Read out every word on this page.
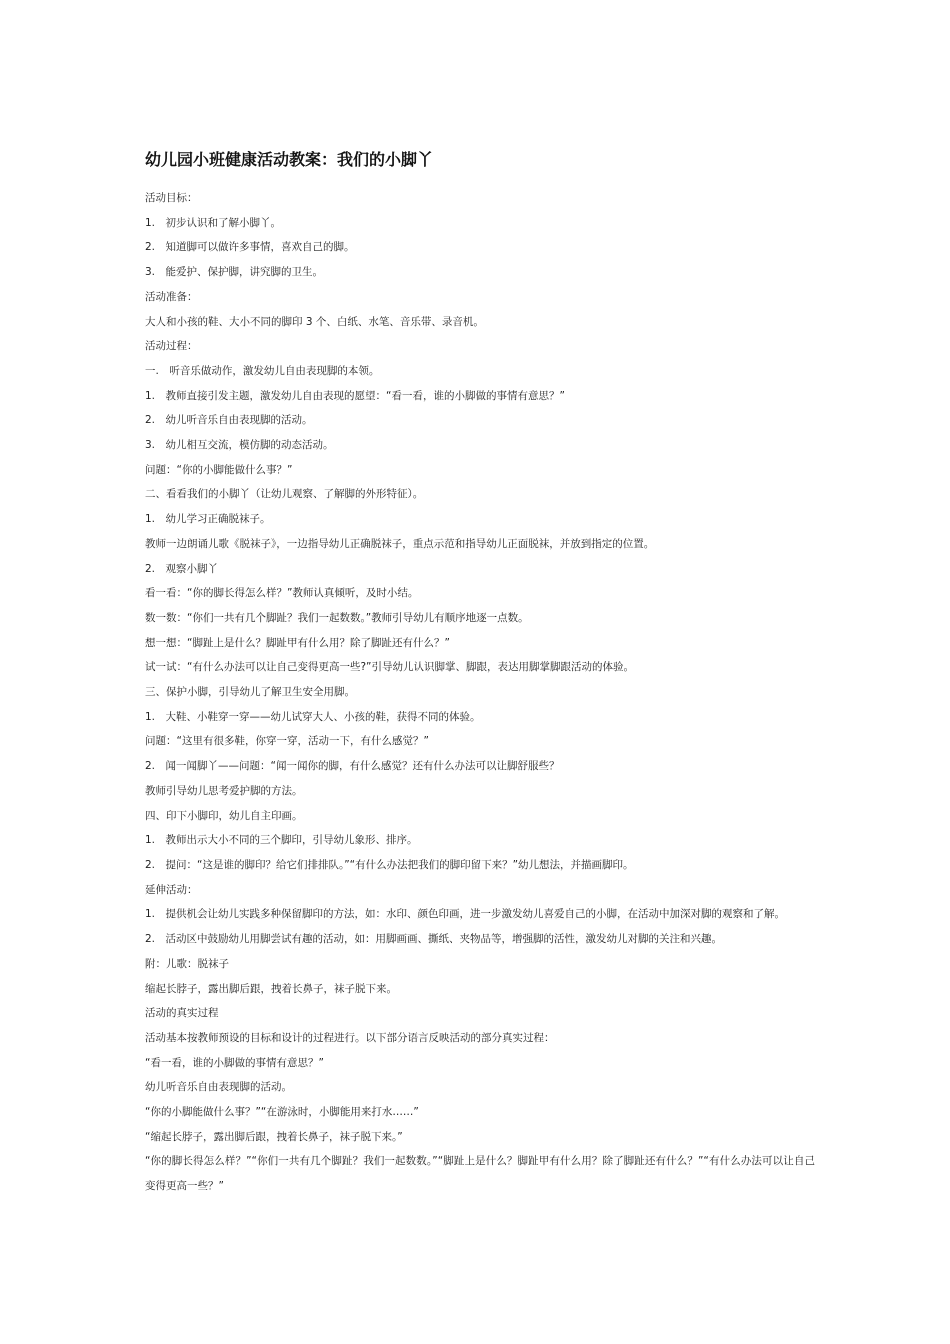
幼儿园小班健康活动教案：我们的小脚丫

活动目标：

1.　初步认识和了解小脚丫。

2.　知道脚可以做许多事情，喜欢自己的脚。

3.　能爱护、保护脚，讲究脚的卫生。

活动准备：

大人和小孩的鞋、大小不同的脚印 3 个、白纸、水笔、音乐带、录音机。

活动过程：

一.　听音乐做动作，激发幼儿自由表现脚的本领。

1.　教师直接引发主题，激发幼儿自由表现的愿望：“看一看，谁的小脚做的事情有意思？”

2.　幼儿听音乐自由表现脚的活动。

3.　幼儿相互交流，模仿脚的动态活动。

问题：“你的小脚能做什么事？”

二、看看我们的小脚丫（让幼儿观察、了解脚的外形特征）。

1.　幼儿学习正确脱袜子。

教师一边朗诵儿歌《脱袜子》，一边指导幼儿正确脱袜子，重点示范和指导幼儿正面脱袜，并放到指定的位置。

2.　观察小脚丫

看一看：“你的脚长得怎么样？”教师认真倾听，及时小结。

数一数：“你们一共有几个脚趾？我们一起数数。”教师引导幼儿有顺序地逐一点数。

想一想：“脚趾上是什么？脚趾甲有什么用？除了脚趾还有什么？”

试一试：“有什么办法可以让自己变得更高一些?”引导幼儿认识脚掌、脚跟，表达用脚掌脚跟活动的体验。

三、保护小脚，引导幼儿了解卫生安全用脚。

1.　大鞋、小鞋穿一穿——幼儿试穿大人、小孩的鞋，获得不同的体验。

问题：“这里有很多鞋，你穿一穿，活动一下，有什么感觉？”

2.　闻一闻脚丫——问题：“闻一闻你的脚，有什么感觉？还有什么办法可以让脚舒服些？

教师引导幼儿思考爱护脚的方法。

四、印下小脚印，幼儿自主印画。

1.　教师出示大小不同的三个脚印，引导幼儿象形、排序。

2.　提问：“这是谁的脚印？给它们排排队。”“有什么办法把我们的脚印留下来？”幼儿想法，并描画脚印。

延伸活动：

1.　提供机会让幼儿实践多种保留脚印的方法，如：水印、颜色印画，进一步激发幼儿喜爱自己的小脚，在活动中加深对脚的观察和了解。

2.　活动区中鼓励幼儿用脚尝试有趣的活动，如：用脚画画、撕纸、夹物品等，增强脚的活性，激发幼儿对脚的关注和兴趣。

附：儿歌：脱袜子

缩起长脖子，露出脚后跟，拽着长鼻子，袜子脱下来。

活动的真实过程

活动基本按教师预设的目标和设计的过程进行。以下部分语言反映活动的部分真实过程：

“看一看，谁的小脚做的事情有意思？”

幼儿听音乐自由表现脚的活动。

“你的小脚能做什么事？”“在游泳时，小脚能用来打水……”

“缩起长脖子，露出脚后跟，拽着长鼻子，袜子脱下来。”

“你的脚长得怎么样？”“你们一共有几个脚趾？我们一起数数。”“脚趾上是什么？脚趾甲有什么用？除了脚趾还有什么？”“有什么办法可以让自己变得更高一些？”
